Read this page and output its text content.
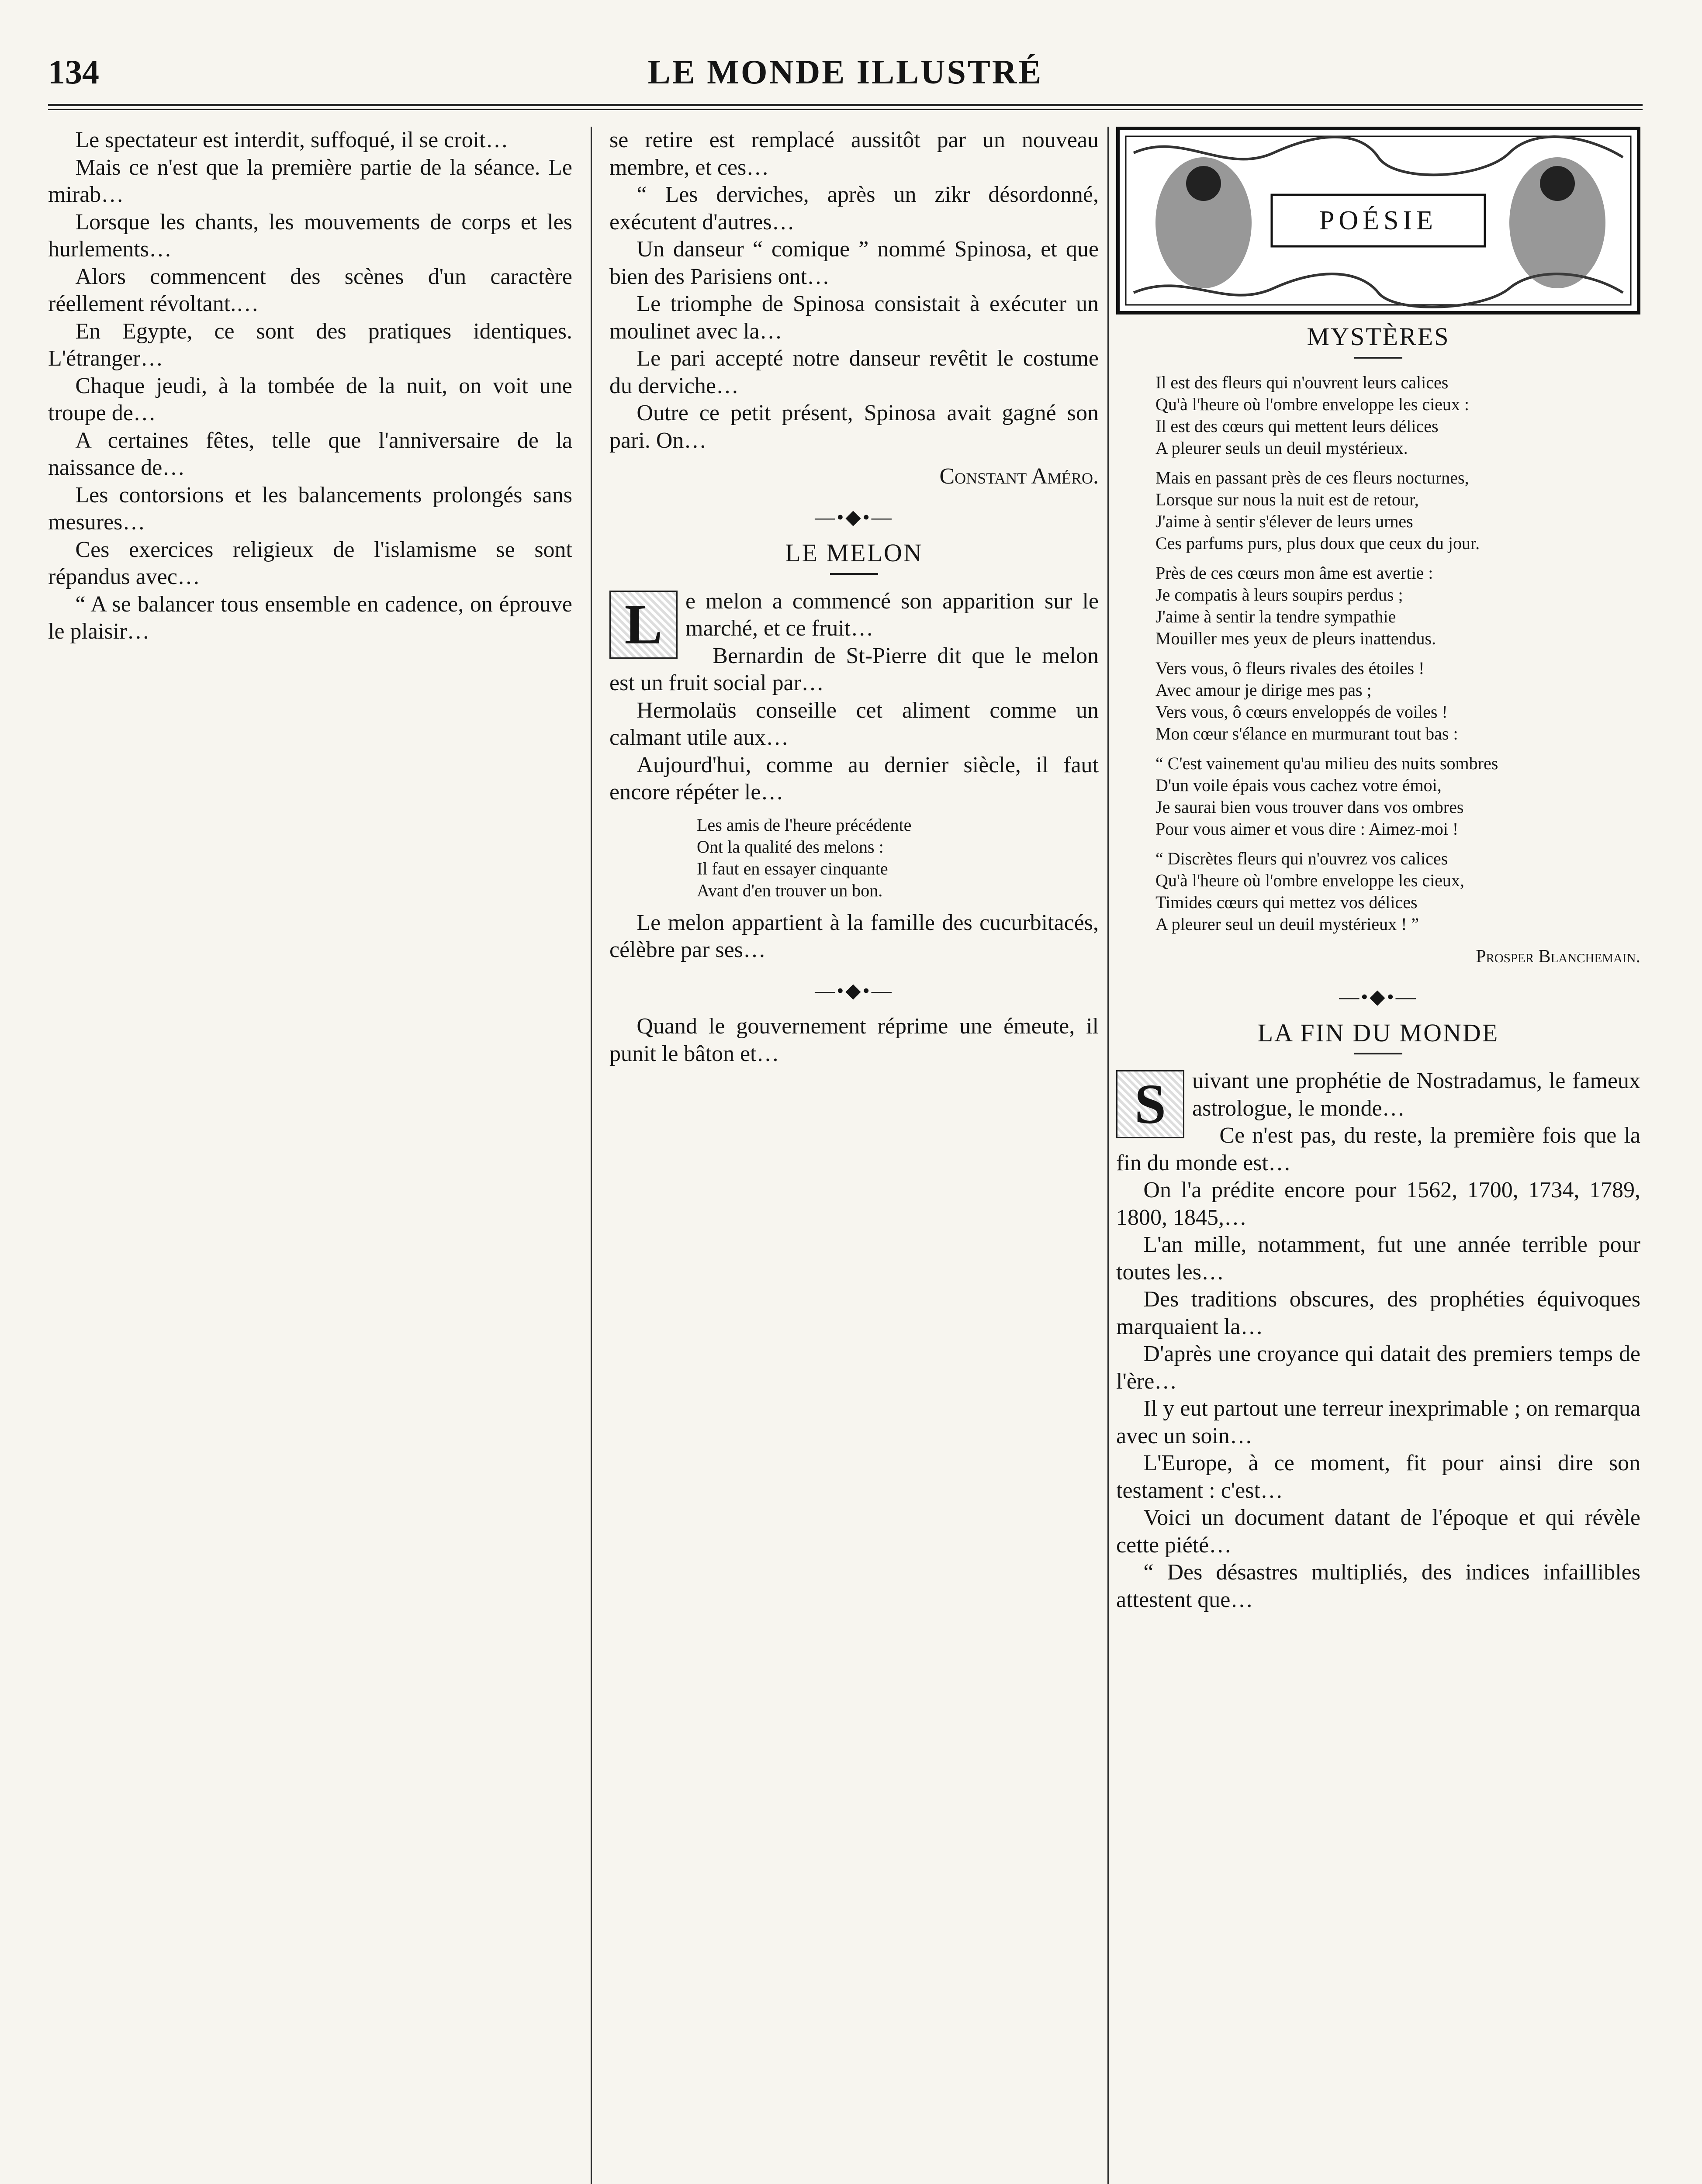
134	LE MONDE ILLUSTRÉ

Le spectateur est interdit, suffoqué, il se croit…

Mais ce n'est que la première partie de la séance. Le mirab…

Lorsque les chants, les mouvements de corps et les hurlements…

Alors commencent des scènes d'un caractère réellement révoltant.…

En Egypte, ce sont des pratiques identiques. L'étranger…

Chaque jeudi, à la tombée de la nuit, on voit une troupe de…

A certaines fêtes, telle que l'anniversaire de la naissance de…

Les contorsions et les balancements prolongés sans mesures…

Ces exercices religieux de l'islamisme se sont répandus avec…

“ A se balancer tous ensemble en cadence, on éprouve le plaisir…

se retire est remplacé aussitôt par un nouveau membre, et ces…

“ Les derviches, après un zikr désordonné, exécutent d'autres…

Un danseur “ comique ” nommé Spinosa, et que bien des Parisiens ont…

Le triomphe de Spinosa consistait à exécuter un moulinet avec la…

Le pari accepté notre danseur revêtit le costume du derviche…

Outre ce petit présent, Spinosa avait gagné son pari. On…

Constant Améro.

—•◆•—
LE MELON

L	e melon a commencé son apparition sur le marché, et ce fruit…

Bernardin de St-Pierre dit que le melon est un fruit social par…

Hermolaüs conseille cet aliment comme un calmant utile aux…

Aujourd'hui, comme au dernier siècle, il faut encore répéter le…

Les amis de l'heure précédente
Ont la qualité des melons :
Il faut en essayer cinquante
Avant d'en trouver un bon.

Le melon appartient à la famille des cucurbitacés, célèbre par ses…

—•◆•—

Quand le gouvernement réprime une émeute, il punit le bâton et…

POÉSIE
MYSTÈRES
Il est des fleurs qui n'ouvrent leurs calices
Qu'à l'heure où l'ombre enveloppe les cieux :
Il est des cœurs qui mettent leurs délices
A pleurer seuls un deuil mystérieux.
Mais en passant près de ces fleurs nocturnes,
Lorsque sur nous la nuit est de retour,
J'aime à sentir s'élever de leurs urnes
Ces parfums purs, plus doux que ceux du jour.
Près de ces cœurs mon âme est avertie :
Je compatis à leurs soupirs perdus ;
J'aime à sentir la tendre sympathie
Mouiller mes yeux de pleurs inattendus.
Vers vous, ô fleurs rivales des étoiles !
Avec amour je dirige mes pas ;
Vers vous, ô cœurs enveloppés de voiles !
Mon cœur s'élance en murmurant tout bas :
“ C'est vainement qu'au milieu des nuits sombres
D'un voile épais vous cachez votre émoi,
Je saurai bien vous trouver dans vos ombres
Pour vous aimer et vous dire : Aimez-moi !
“ Discrètes fleurs qui n'ouvrez vos calices
Qu'à l'heure où l'ombre enveloppe les cieux,
Timides cœurs qui mettez vos délices
A pleurer seul un deuil mystérieux ! ”
Prosper Blanchemain.
—•◆•—
LA FIN DU MONDE

S	uivant une prophétie de Nostradamus, le fameux astrologue, le monde…

Ce n'est pas, du reste, la première fois que la fin du monde est…

On l'a prédite encore pour 1562, 1700, 1734, 1789, 1800, 1845,…

L'an mille, notamment, fut une année terrible pour toutes les…

Des traditions obscures, des prophéties équivoques marquaient la…

D'après une croyance qui datait des premiers temps de l'ère…

Il y eut partout une terreur inexprimable ; on remarqua avec un soin…

L'Europe, à ce moment, fit pour ainsi dire son testament : c'est…

Voici un document datant de l'époque et qui révèle cette piété…

“ Des désastres multipliés, des indices infaillibles attestent que…
